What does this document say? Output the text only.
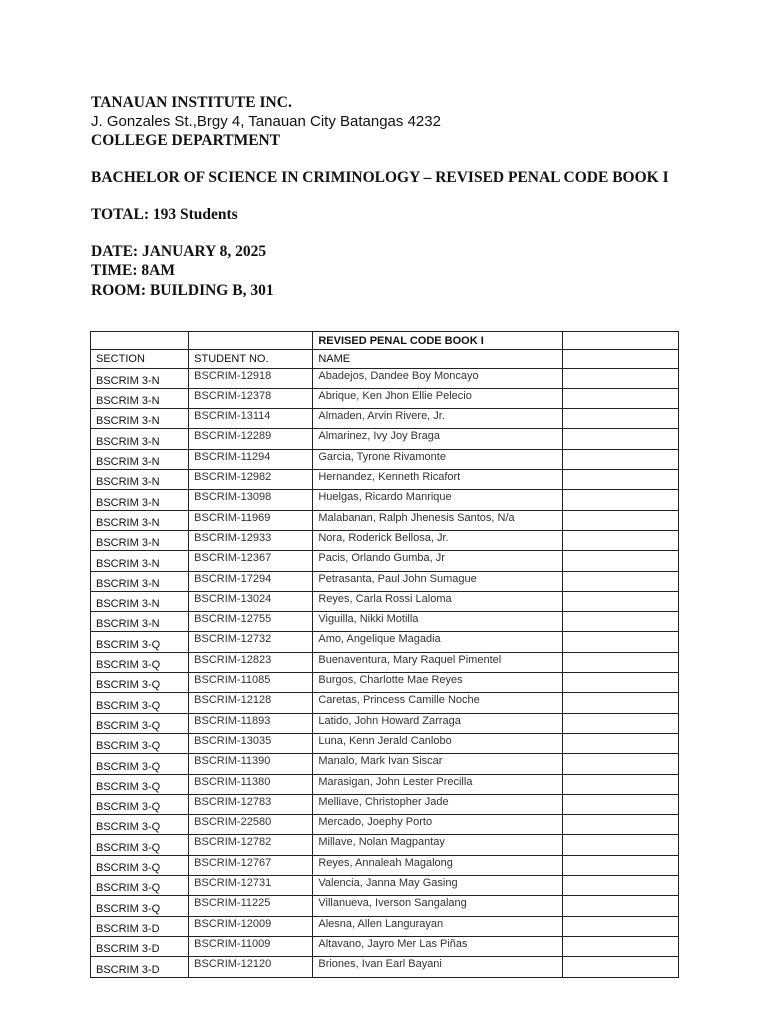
TANAUAN INSTITUTE INC.
J. Gonzales St.,Brgy 4, Tanauan City Batangas 4232
COLLEGE DEPARTMENT
BACHELOR OF SCIENCE IN CRIMINOLOGY – REVISED PENAL CODE BOOK I
TOTAL: 193 Students
DATE: JANUARY 8, 2025
TIME: 8AM
ROOM: BUILDING B, 301
		REVISED PENAL CODE BOOK I	
SECTION	STUDENT NO.	NAME	
BSCRIM 3-N	BSCRIM-12918	Abadejos, Dandee Boy Moncayo	
BSCRIM 3-N	BSCRIM-12378	Abrique, Ken Jhon Ellie Pelecio	
BSCRIM 3-N	BSCRIM-13114	Almaden, Arvin Rivere, Jr.	
BSCRIM 3-N	BSCRIM-12289	Almarinez, Ivy Joy Braga	
BSCRIM 3-N	BSCRIM-11294	Garcia, Tyrone Rivamonte	
BSCRIM 3-N	BSCRIM-12982	Hernandez, Kenneth Ricafort	
BSCRIM 3-N	BSCRIM-13098	Huelgas, Ricardo Manrique	
BSCRIM 3-N	BSCRIM-11969	Malabanan, Ralph Jhenesis Santos, N/a	
BSCRIM 3-N	BSCRIM-12933	Nora, Roderick Bellosa, Jr.	
BSCRIM 3-N	BSCRIM-12367	Pacis, Orlando Gumba, Jr	
BSCRIM 3-N	BSCRIM-17294	Petrasanta, Paul John Sumague	
BSCRIM 3-N	BSCRIM-13024	Reyes, Carla Rossi Laloma	
BSCRIM 3-N	BSCRIM-12755	Viguilla, Nikki Motilla	
BSCRIM 3-Q	BSCRIM-12732	Amo, Angelique Magadia	
BSCRIM 3-Q	BSCRIM-12823	Buenaventura, Mary Raquel Pimentel	
BSCRIM 3-Q	BSCRIM-11085	Burgos, Charlotte Mae Reyes	
BSCRIM 3-Q	BSCRIM-12128	Caretas, Princess Camille Noche	
BSCRIM 3-Q	BSCRIM-11893	Latido, John Howard Zarraga	
BSCRIM 3-Q	BSCRIM-13035	Luna, Kenn Jerald Canlobo	
BSCRIM 3-Q	BSCRIM-11390	Manalo, Mark Ivan Siscar	
BSCRIM 3-Q	BSCRIM-11380	Marasigan, John Lester Precilla	
BSCRIM 3-Q	BSCRIM-12783	Melliave, Christopher Jade	
BSCRIM 3-Q	BSCRIM-22580	Mercado, Joephy Porto	
BSCRIM 3-Q	BSCRIM-12782	Millave, Nolan Magpantay	
BSCRIM 3-Q	BSCRIM-12767	Reyes, Annaleah Magalong	
BSCRIM 3-Q	BSCRIM-12731	Valencia, Janna May Gasing	
BSCRIM 3-Q	BSCRIM-11225	Villanueva, Iverson Sangalang	
BSCRIM 3-D	BSCRIM-12009	Alesna, Allen Langurayan	
BSCRIM 3-D	BSCRIM-11009	Altavano, Jayro Mer Las Piñas	
BSCRIM 3-D	BSCRIM-12120	Briones, Ivan Earl Bayani	
